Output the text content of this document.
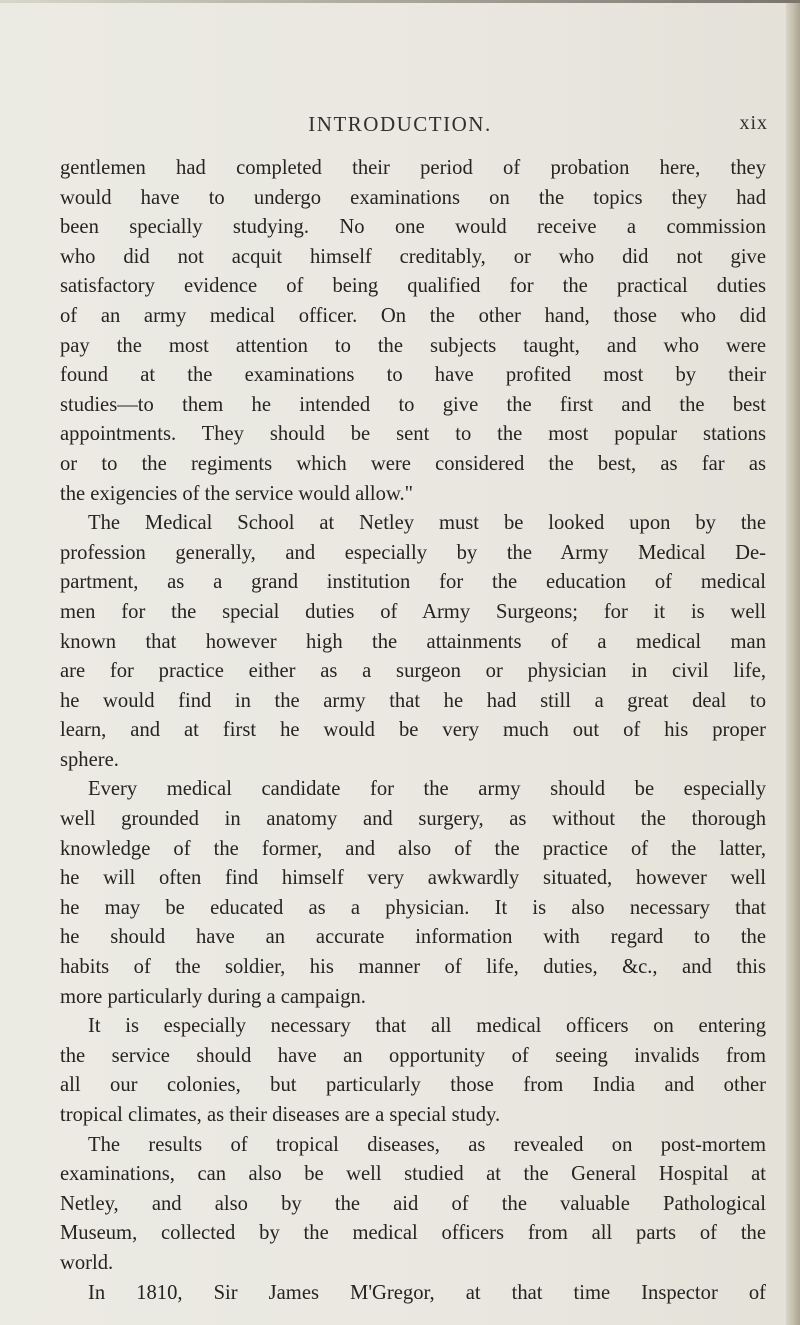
INTRODUCTION.	xix
gentlemen had completed their period of probation here, they
would have to undergo examinations on the topics they had
been specially studying. No one would receive a commission
who did not acquit himself creditably, or who did not give
satisfactory evidence of being qualified for the practical duties
of an army medical officer. On the other hand, those who did
pay the most attention to the subjects taught, and who were
found at the examinations to have profited most by their
studies—to them he intended to give the first and the best
appointments. They should be sent to the most popular stations
or to the regiments which were considered the best, as far as
the exigencies of the service would allow."
The Medical School at Netley must be looked upon by the
profession generally, and especially by the Army Medical De-
partment, as a grand institution for the education of medical
men for the special duties of Army Surgeons; for it is well
known that however high the attainments of a medical man
are for practice either as a surgeon or physician in civil life,
he would find in the army that he had still a great deal to
learn, and at first he would be very much out of his proper
sphere.
Every medical candidate for the army should be especially
well grounded in anatomy and surgery, as without the thorough
knowledge of the former, and also of the practice of the latter,
he will often find himself very awkwardly situated, however well
he may be educated as a physician. It is also necessary that
he should have an accurate information with regard to the
habits of the soldier, his manner of life, duties, &c., and this
more particularly during a campaign.
It is especially necessary that all medical officers on entering
the service should have an opportunity of seeing invalids from
all our colonies, but particularly those from India and other
tropical climates, as their diseases are a special study.
The results of tropical diseases, as revealed on post-mortem
examinations, can also be well studied at the General Hospital at
Netley, and also by the aid of the valuable Pathological
Museum, collected by the medical officers from all parts of the
world.
In 1810, Sir James M'Gregor, at that time Inspector of
